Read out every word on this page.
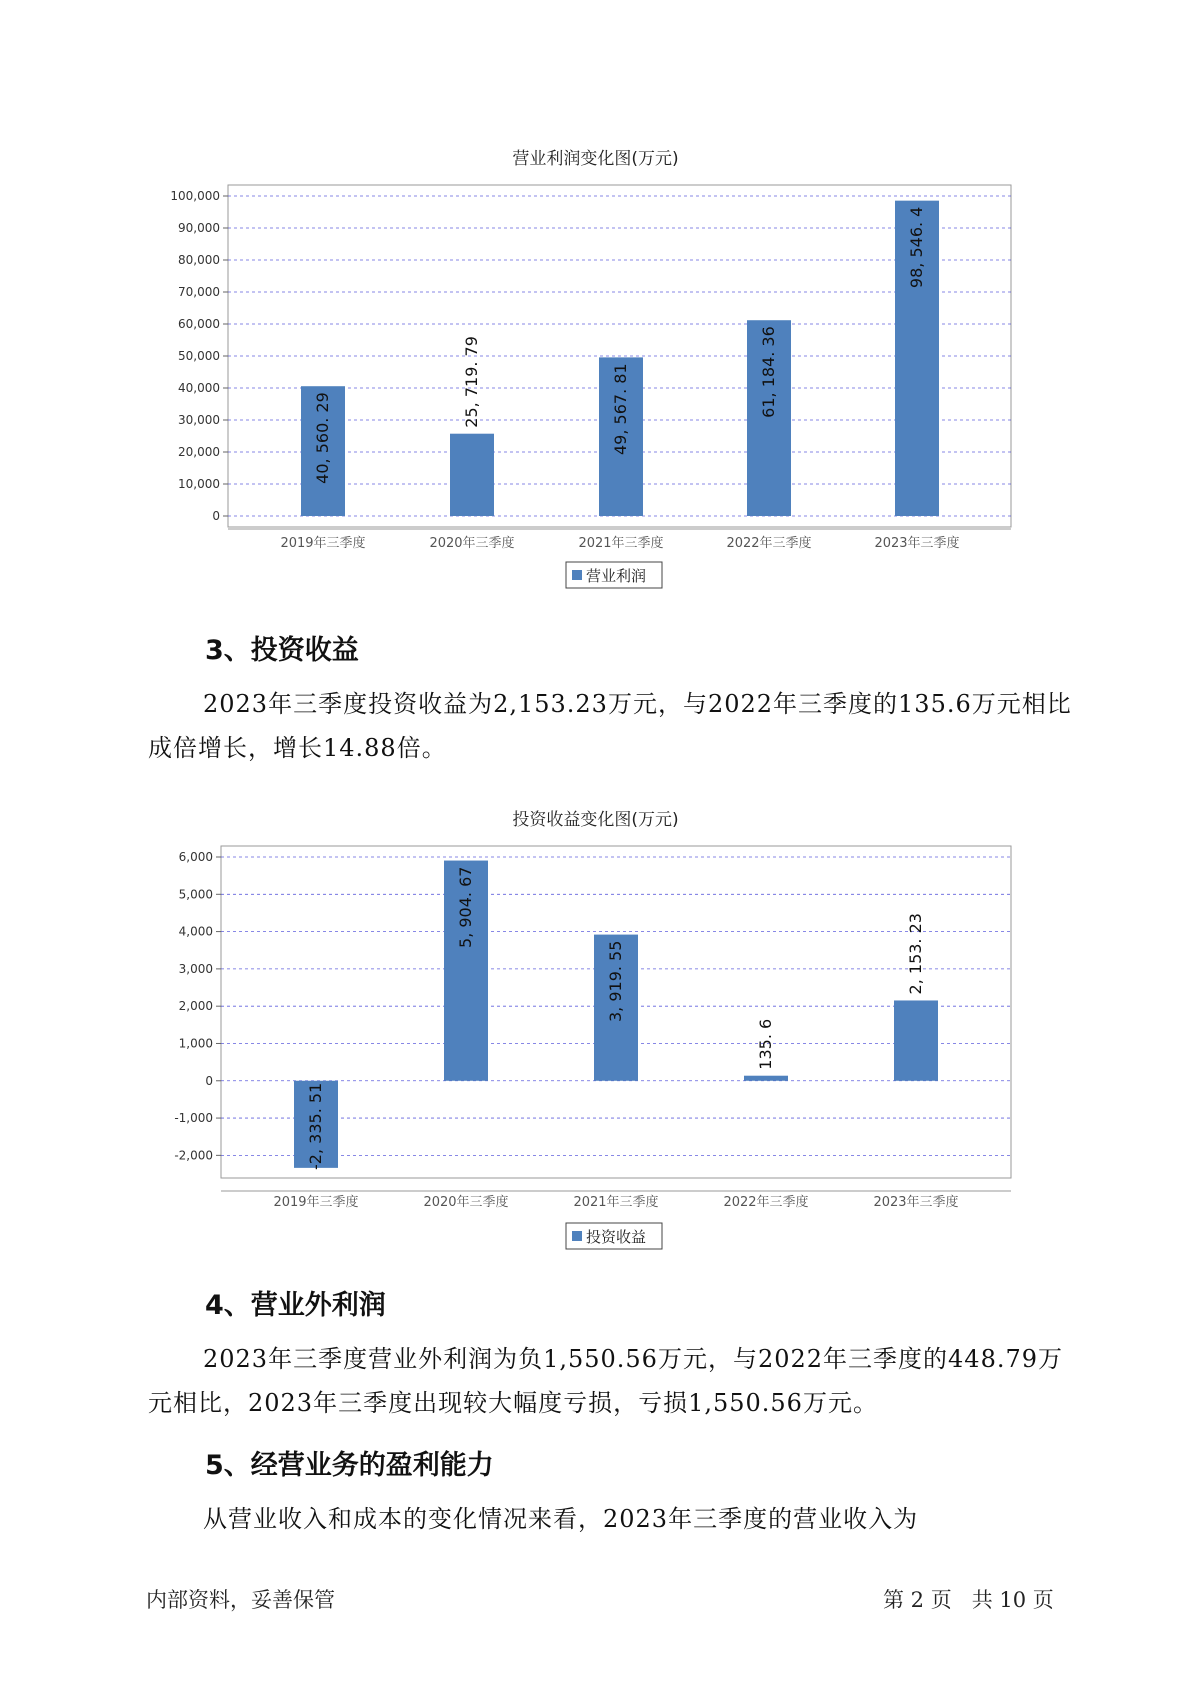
营业利润变化图(万元)
0
10,000
20,000
30,000
40,000
50,000
60,000
70,000
80,000
90,000
100,000
40, 560. 29
2019年三季度
25, 719. 79
2020年三季度
49, 567. 81
2021年三季度
61, 184. 36
2022年三季度
98, 546. 4
2023年三季度
营业利润
3、投资收益

2023年三季度投资收益为2,153.23万元，与2022年三季度的135.6万元相比成倍增长，增长14.88倍。

投资收益变化图(万元)
-2,000
-1,000
0
1,000
2,000
3,000
4,000
5,000
6,000
-2, 335. 51
2019年三季度
5, 904. 67
2020年三季度
3, 919. 55
2021年三季度
135. 6
2022年三季度
2, 153. 23
2023年三季度
投资收益
4、营业外利润

2023年三季度营业外利润为负1,550.56万元，与2022年三季度的448.79万元相比，2023年三季度出现较大幅度亏损，亏损1,550.56万元。

5、经营业务的盈利能力

从营业收入和成本的变化情况来看，2023年三季度的营业收入为

内部资料，妥善保管	第 2 页   共 10 页
